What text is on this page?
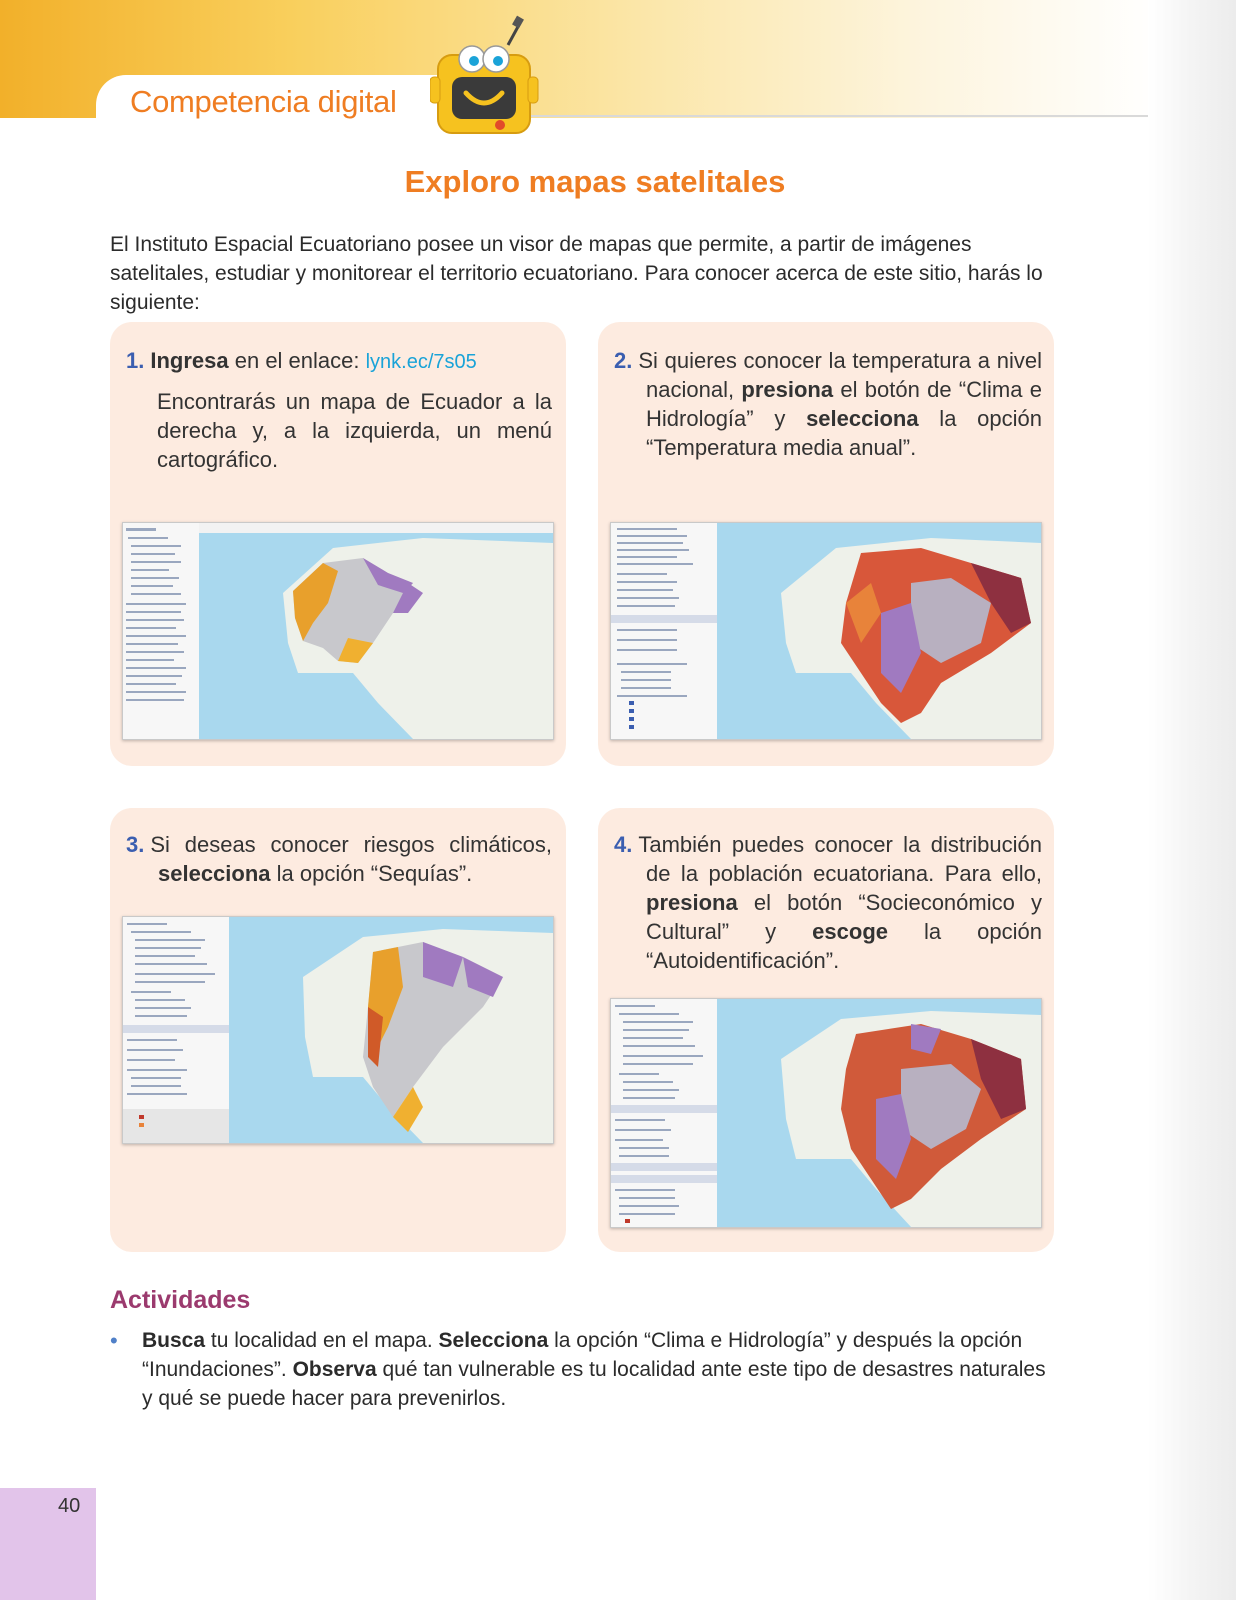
Competencia digital
Exploro mapas satelitales
El Instituto Espacial Ecuatoriano posee un visor de mapas que permite, a partir de imágenes satelitales, estudiar y monitorear el territorio ecuatoriano. Para conocer acerca de este sitio, harás lo siguiente:
1. Ingresa en el enlace: lynk.ec/7s05
Encontrarás un mapa de Ecuador a la derecha y, a la izquierda, un menú cartográfico.
2. Si quieres conocer la temperatura a nivel nacional, presiona el botón de “Clima e Hidrología” y selecciona la opción “Temperatura media anual”.
3. Si deseas conocer riesgos climáticos, selecciona la opción “Sequías”.
4. También puedes conocer la distribución de la población ecuatoriana. Para ello, presiona el botón “Socieconómico y Cultural” y escoge la opción “Autoidentificación”.
Actividades
• Busca tu localidad en el mapa. Selecciona la opción “Clima e Hidrología” y después la opción “Inundaciones”. Observa qué tan vulnerable es tu localidad ante este tipo de desastres naturales y qué se puede hacer para prevenirlos.
40
